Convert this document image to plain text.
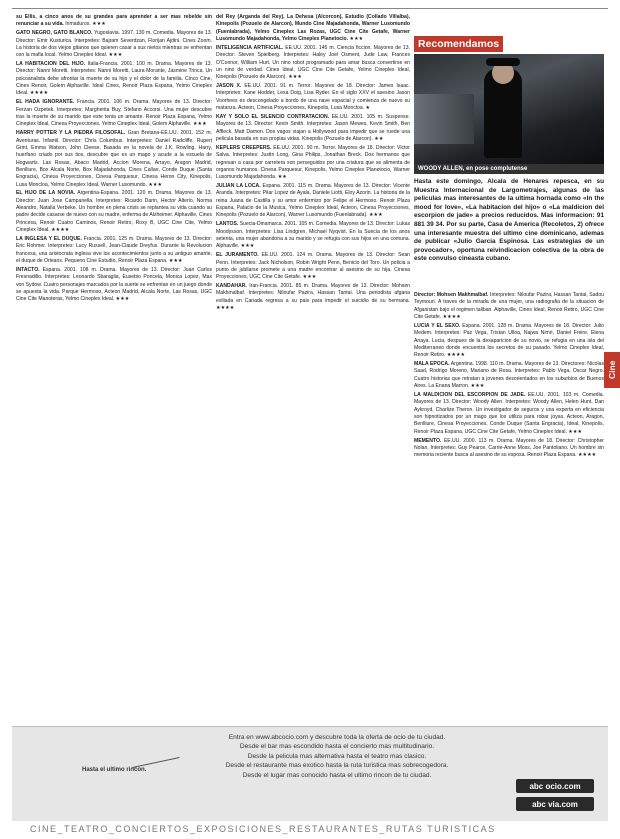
su Ellis, a cinco anos de su grandes para aprender a ser mas rebelde sin renunciar a su vida. Inmaduros. ★★★

GATO NEGRO, GATO BLANCO. Yugoslavia. 1997. 130 m. Comedia. Mayores de 13. Director: Emir Kusturica. Interpretes: Bajram Severdzan, Florijan Ajdini. Cines Zoom. La historia de dos viejos gitanos que quieren casar a sus nietos mientras se enfrentan con la mafia local. Yelmo Cineplex Ideal. ★★★

LA HABITACION DEL HIJO. Italia-Francia. 2001. 100 m. Drama. Mayores de 13. Director: Nanni Moretti. Interpretes: Nanni Moretti, Laura Morante, Jasmine Trinca. Un psicoanalista debe afrontar la muerte de su hijo y el dolor de la familia. Cinco Cine, Cines Renoir, Golem Alphaville. Ideal Cines, Renoir Plaza Espana, Yelmo Cineplex Ideal. ★★★★

EL HADA IGNORANTE. Francia. 2001. 106 m. Drama. Mayores de 13. Director: Ferzan Ozpetek. Interpretes: Margherita Buy, Stefano Accorsi. Una mujer descubre tras la muerte de su marido que este tenia un amante. Renoir Plaza Espana, Yelmo Cineplex Ideal, Cinesa Proyecciones. Yelmo Cineplex Ideal, Golem Alphaville. ★★★

HARRY POTTER Y LA PIEDRA FILOSOFAL. Gran Bretana-EE.UU. 2001. 152 m. Aventuras. Infantil. Director: Chris Columbus. Interpretes: Daniel Radcliffe, Rupert Grint, Emma Watson, John Cleese. Basada en la novela de J.K. Rowling. Harry, huerfano criado por sus tios, descubre que es un mago y acude a la escuela de Hogwarts. Las Rosas, Abaco Madrid, Accion Morena, Arrayo, Aragon Madrid, Benlliure, Box Alcala Norte, Box Majadahonda, Cines Callao, Conde Duque (Santa Engracia), Cinesa Proyecciones, Cinesa Parquesur, Cinesa Heron City, Kinepolis, Lusa Moncloa, Yelmo Cineplex Ideal, Warner Lusomundo. ★★★

EL HIJO DE LA NOVIA. Argentina-Espana. 2001. 120 m. Drama. Mayores de 13. Director: Juan Jose Campanella. Interpretes: Ricardo Darin, Hector Alterio, Norma Aleandro, Natalia Verbeke. Un hombre en plena crisis se replantea su vida cuando su padre decide casarse de nuevo con su madre, enferma de Alzheimer. Alphaville, Cines Princesa, Renoir Cuatro Caminos, Renoir Retiro, Roxy B, UGC Cine Cite, Yelmo Cineplex Ideal. ★★★★

LA INGLESA Y EL DUQUE. Francia. 2001. 125 m. Drama. Mayores de 13. Director: Eric Rohmer. Interpretes: Lucy Russell, Jean-Claude Dreyfus. Durante la Revolucion francesa, una aristocrata inglesa vive los acontecimientos junto a su antiguo amante, el duque de Orleans. Pequeno Cine Estudio, Renoir Plaza Espana. ★★★

INTACTO. Espana. 2001. 108 m. Drama. Mayores de 13. Director: Juan Carlos Fresnadillo. Interpretes: Leonardo Sbaraglia, Eusebio Poncela, Monica Lopez, Max von Sydow. Cuatro personajes marcados por la suerte se enfrentan en un juego donde se apuesta la vida. Parque Hermoso, Acteon Madrid, Alcala Norte, Las Rosas, UGC Cine Cite Manoteras, Yelmo Cineplex Ideal. ★★★

del Rey (Arganda del Rey), La Dehesa (Alcorcon), Estudio (Collado Villalba), Kinepolis (Pozuelo de Alarcon), Mundo Cine Majadahonda, Warner Lusomundo (Fuenlabrada), Yelmo Cineplex Las Rozas, UGC Cine Cite Getafe, Warner Lusomundo Majadahonda, Yelmo Cineplex Planetocio. ★★★

INTELIGENCIA ARTIFICIAL. EE.UU. 2001. 145 m. Ciencia ficcion. Mayores de 13. Director: Steven Spielberg. Interpretes: Haley Joel Osment, Jude Law, Frances O'Connor, William Hurt. Un nino robot programado para amar busca convertirse en un nino de verdad. Cines Ideal, UGC Cine Cite Getafe, Yelmo Cineplex Ideal, Kinepolis (Pozuelo de Alarcon). ★★★

JASON X. EE.UU. 2001. 91 m. Terror. Mayores de 18. Director: James Isaac. Interpretes: Kane Hodder, Lexa Doig, Lisa Ryder. En el siglo XXV el asesino Jason Voorhees es descongelado a bordo de una nave espacial y comienza de nuevo su matanza. Acteon, Cinesa Proyecciones, Kinepolis, Lusa Moncloa. ★

KAY Y SOLO EL SILENCIO CONTRATACION. EE.UU. 2001. 105 m. Suspense. Mayores de 13. Director: Kevin Smith. Interpretes: Jason Mewes, Kevin Smith, Ben Affleck, Matt Damon. Dos vagos viajan a Hollywood para impedir que se ruede una pelicula basada en sus propias vidas. Kinepolis (Pozuelo de Alarcon). ★★

KEPLERS CREEPERS. EE.UU. 2001. 90 m. Terror. Mayores de 18. Director: Victor Salva. Interpretes: Justin Long, Gina Philips, Jonathan Breck. Dos hermanos que regresan a casa por carretera son perseguidos por una criatura que se alimenta de organos humanos. Cinesa Parquesur, Kinepolis, Yelmo Cineplex Planetocio, Warner Lusomundo Majadahonda. ★★

JULIAN LA LOCA. Espana. 2001. 115 m. Drama. Mayores de 13. Director: Vicente Aranda. Interpretes: Pilar Lopez de Ayala, Daniele Liotti, Eloy Azorin. La historia de la reina Juana de Castilla y su amor enfermizo por Felipe el Hermoso. Renoir Plaza Espana, Palacio de la Musica, Yelmo Cineplex Ideal, Acteon, Cinesa Proyecciones, Kinepolis (Pozuelo de Alarcon), Warner Lusomundo (Fuenlabrada). ★★★

LANTOS. Suecia-Dinamarca. 2001. 105 m. Comedia. Mayores de 13. Director: Lukas Moodysson. Interpretes: Lisa Lindgren, Michael Nyqvist. En la Suecia de los anos setenta, una mujer abandona a su marido y se refugia con sus hijos en una comuna. Alphaville. ★★★

EL JURAMENTO. EE.UU. 2001. 124 m. Drama. Mayores de 13. Director: Sean Penn. Interpretes: Jack Nicholson, Robin Wright Penn, Benicio del Toro. Un policia a punto de jubilarse promete a una madre encontrar al asesino de su hija. Cinesa Proyecciones, UGC Cine Cite Getafe. ★★★

KANDAHAR. Iran-Francia. 2001. 85 m. Drama. Mayores de 13. Director: Mohsen Makhmalbaf. Interpretes: Niloufar Pazira, Hassan Tantai. Una periodista afgana exiliada en Canada regresa a su pais para impedir el suicidio de su hermana. ★★★★

Recomendamos
WOODY ALLEN, en pose complutense
Hasta este domingo, Alcala de Henares repesca, en su Muestra Internacional de Largometrajes, algunas de las peliculas mas interesantes de la ultima hornada como «In the mood for love», «La habitacion del hijo» o «La maldicion del escorpion de jade» a precios reducidos. Mas informacion: 91 881 39 34. Por su parte, Casa de America (Recoletos, 2) ofrece una interesante muestra del ultimo cine dominicano, ademas de publicar «Julio Garcia Espinosa. Las estrategias de un provocador», oportuna reivindicacion colectiva de la obra de este convulso cineasta cubano.

Director: Mohsen Makhmalbaf. Interpretes: Niloufar Pazira, Hassan Tantai, Sadou Teymouri. A traves de la mirada de una mujer, una radiografia de la situacion de Afganistan bajo el regimen taliban. Alphaville, Cines Ideal, Renoir Retiro, UGC Cine Cite Getafe. ★★★★

LUCIA Y EL SEXO. Espana. 2001. 128 m. Drama. Mayores de 18. Director: Julio Medem. Interpretes: Paz Vega, Tristan Ulloa, Najwa Nimri, Daniel Freire, Elena Anaya. Lucia, despues de la desaparicion de su novio, se refugia en una isla del Mediterraneo donde encuentra los secretos de su pasado. Yelmo Cineplex Ideal, Renoir Retiro. ★★★★

MALA EPOCA. Argentina. 1998. 110 m. Drama. Mayores de 13. Directores: Nicolas Saad, Rodrigo Moreno, Mariano de Rosa. Interpretes: Pablo Vega, Oscar Negro. Cuatro historias que retratan a jovenes desorientados en los suburbios de Buenos Aires. La Enana Marron. ★★★

LA MALDICION DEL ESCORPION DE JADE. EE.UU. 2001. 103 m. Comedia. Mayores de 13. Director: Woody Allen. Interpretes: Woody Allen, Helen Hunt, Dan Aykroyd, Charlize Theron. Un investigador de seguros y una experta en eficiencia son hipnotizados por un mago que los utiliza para robar joyas. Acteon, Aragon, Benlliure, Cinesa Proyecciones, Conde Duque (Santa Engracia), Ideal, Kinepolis, Renoir Plaza Espana, UGC Cine Cite Getafe, Yelmo Cineplex Ideal. ★★★

MEMENTO. EE.UU. 2000. 113 m. Drama. Mayores de 18. Director: Christopher Nolan. Interpretes: Guy Pearce, Carrie-Anne Moss, Joe Pantoliano. Un hombre sin memoria reciente busca al asesino de su esposa. Renoir Plaza Espana. ★★★★

Cine
Entra en www.abcocio.com y descubre toda la oferta de ocio de tu ciudad.
Desde el bar mas escondido hasta el concierto mas multitudinario.
Desde la pelicula mas alternativa hasta el teatro mas clasico.
Desde el restaurante mas exotico hasta la ruta turistica mas sobrecogedora.
Desde el lugar mas conocido hasta el ultimo rincon de tu ciudad.
Hasta el ultimo rincon.
abc ocio.com
abc via.com
CINE_TEATRO_CONCIERTOS_EXPOSICIONES_RESTAURANTES_RUTAS TURISTICAS
